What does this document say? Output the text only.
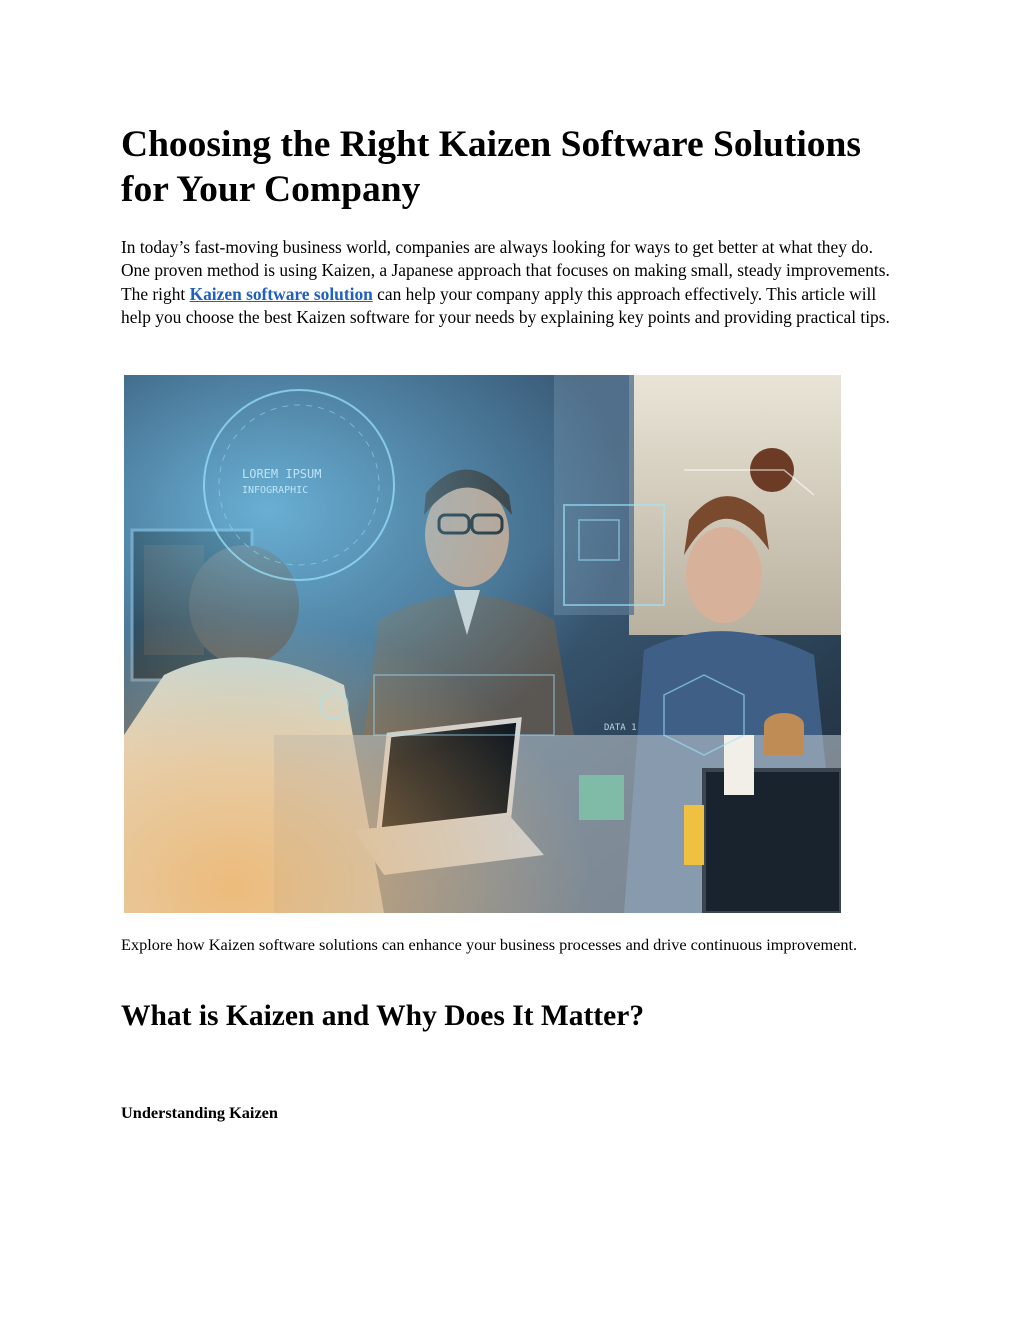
Choosing the Right Kaizen Software Solutions for Your Company

In today’s fast-moving business world, companies are always looking for ways to get better at what they do. One proven method is using Kaizen, a Japanese approach that focuses on making small, steady improvements. The right Kaizen software solution can help your company apply this approach effectively. This article will help you choose the best Kaizen software for your needs by explaining key points and providing practical tips.

LOREM IPSUM
INFOGRAPHIC
DATA 1

Explore how Kaizen software solutions can enhance your business processes and drive continuous improvement.

What is Kaizen and Why Does It Matter?
Understanding Kaizen
